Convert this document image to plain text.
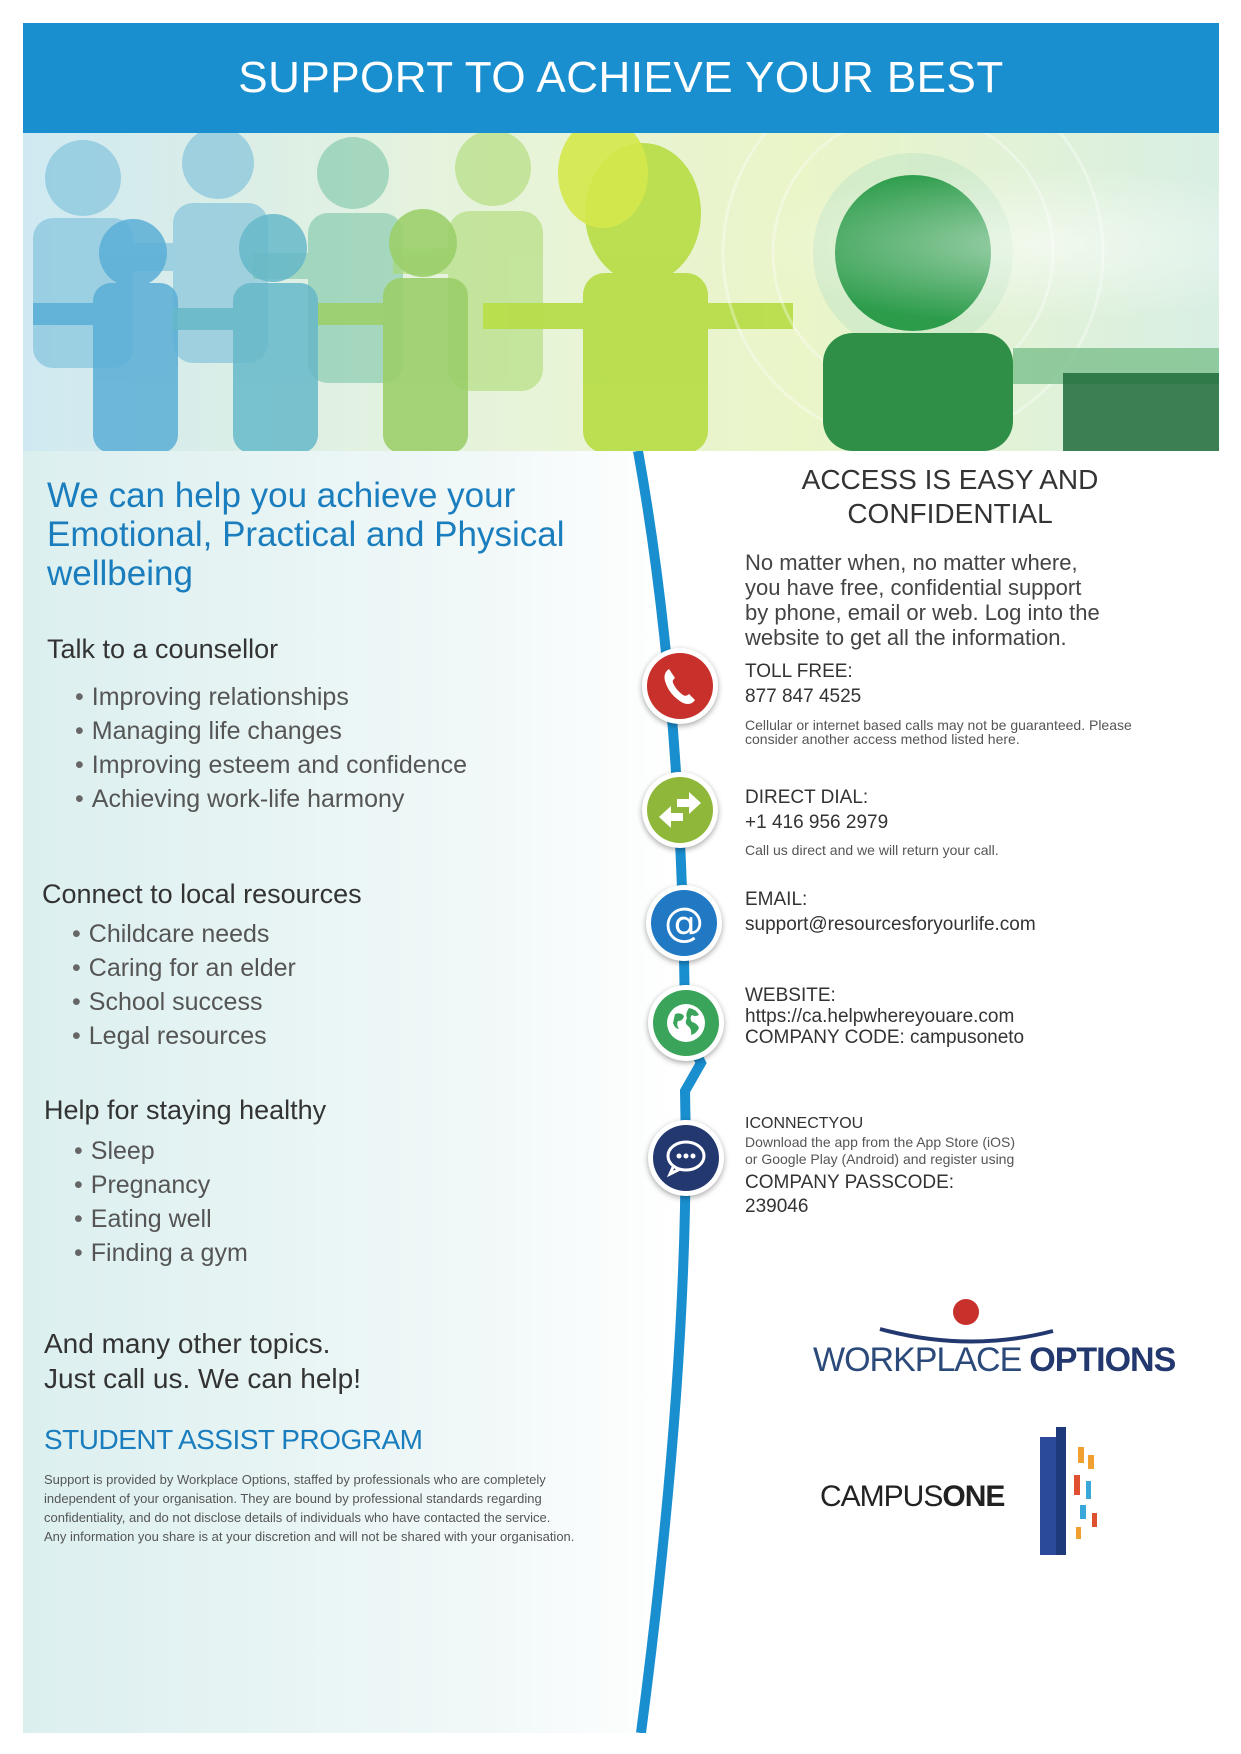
SUPPORT TO ACHIEVE YOUR BEST
We can help you achieve your
Emotional, Practical and Physical
wellbeing
Talk to a counsellor
• Improving relationships
• Managing life changes
• Improving esteem and confidence
• Achieving work-life harmony
Connect to local resources
• Childcare needs
• Caring for an elder
• School success
• Legal resources
Help for staying healthy
• Sleep
• Pregnancy
• Eating well
• Finding a gym
And many other topics.
Just call us. We can help!
STUDENT ASSIST PROGRAM
Support is provided by Workplace Options, staffed by professionals who are completely
independent of your organisation. They are bound by professional standards regarding
confidentiality, and do not disclose details of individuals who have contacted the service.
Any information you share is at your discretion and will not be shared with your organisation.
ACCESS IS EASY AND
CONFIDENTIAL
No matter when, no matter where,
you have free, confidential support
by phone, email or web. Log into the
website to get all the information.
TOLL FREE:
877 847 4525
Cellular or internet based calls may not be guaranteed. Please
consider another access method listed here.
DIRECT DIAL:
+1 416 956 2979
Call us direct and we will return your call.
@
EMAIL:
support@resourcesforyourlife.com
WEBSITE:
https://ca.helpwhereyouare.com
COMPANY CODE: campusoneto
ICONNECTYOU
Download the app from the App Store (iOS)
or Google Play (Android) and register using
COMPANY PASSCODE:
239046
WORKPLACE OPTIONS
CAMPUSONE
